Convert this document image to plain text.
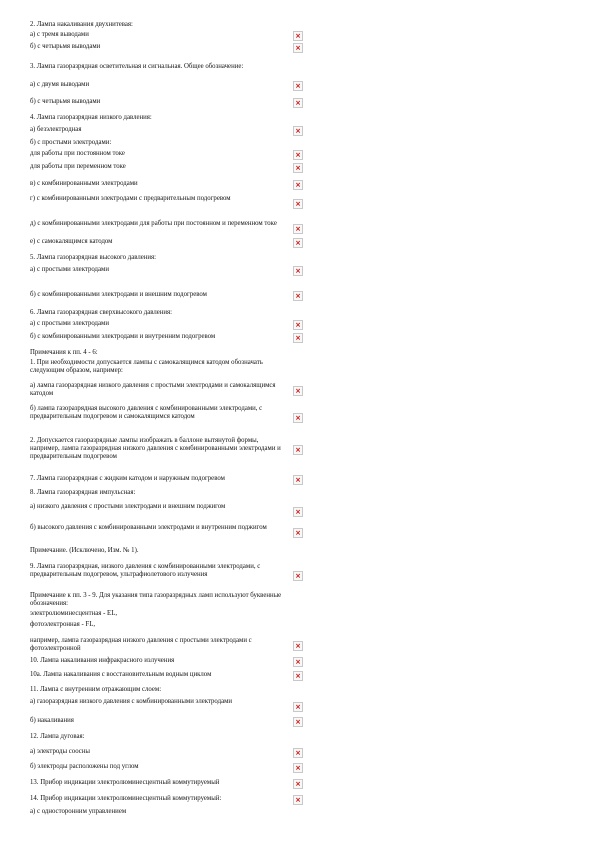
2. Лампа накаливания двухнитевая:
а) с тремя выводами	×
б) с четырьмя выводами	×
3. Лампа газоразрядная осветительная и сигнальная. Общее обозначение:
а) с двумя выводами	×
б) с четырьмя выводами	×
4. Лампа газоразрядная низкого давления:
а) безэлектродная	×
б) с простыми электродами:
для работы при постоянном токе	×
для работы при переменном токе	×
в) с комбинированными электродами	×
г) с комбинированными электродами с предварительным подогревом
×
д) с комбинированными электродами для работы при постоянном и переменном токе
×
е) с самокалящимся катодом	×
5. Лампа газоразрядная высокого давления:
а) с простыми электродами	×
б) с комбинированными электродами и внешним подогревом	×
6. Лампа газоразрядная сверхвысокого давления:
а) с простыми электродами	×
б) с комбинированными электродами и внутренним подогревом	×
Примечания к пп. 4 - 6:
1. При необходимости допускается лампы с самокалящимся катодом обозначать следующим образом, например:
а) лампа газоразрядная низкого давления с простыми электродами и самокалящимся катодом	×
б) лампа газоразрядная высокого давления с комбинированными электродами, с предварительным подогревом и самокалящимся катодом	×
2. Допускается газоразрядные лампы изображать в баллоне вытянутой формы, например, лампа газоразрядная низкого давления с комбинированными электродами и предварительным подогревом
×
7. Лампа газоразрядная с жидким катодом и наружным подогревом	×
8. Лампа газоразрядная импульсная:
а) низкого давления с простыми электродами и внешним поджигом
×
б) высокого давления с комбинированными электродами и внутренним поджигом
×
Примечание. (Исключено, Изм. № 1).
9. Лампа газоразрядная, низкого давления с комбинированными электродами, с предварительным подогревом, ультрафиолетового излучения	×
Примечание к пп. 3 - 9. Для указания типа газоразрядных ламп используют буквенные обозначения:
электролюминесцентная - EL,
фотоэлектронная - FL,
например, лампа газоразрядная низкого давления с простыми электродами с фотоэлектронной	×
10. Лампа накаливания инфракрасного излучения	×
10а. Лампа накаливания с восстановительным водным циклом	×
11. Лампа с внутренним отражающим слоем:
а) газоразрядная низкого давления с комбинированными электродами
×
б) накаливания	×
12. Лампа дуговая:
а) электроды соосны	×
б) электроды расположены под углом	×
13. Прибор индикации электролюминесцентный коммутируемый	×
14. Прибор индикации электролюминесцентный коммутируемый:	×
а) с односторонним управлением
